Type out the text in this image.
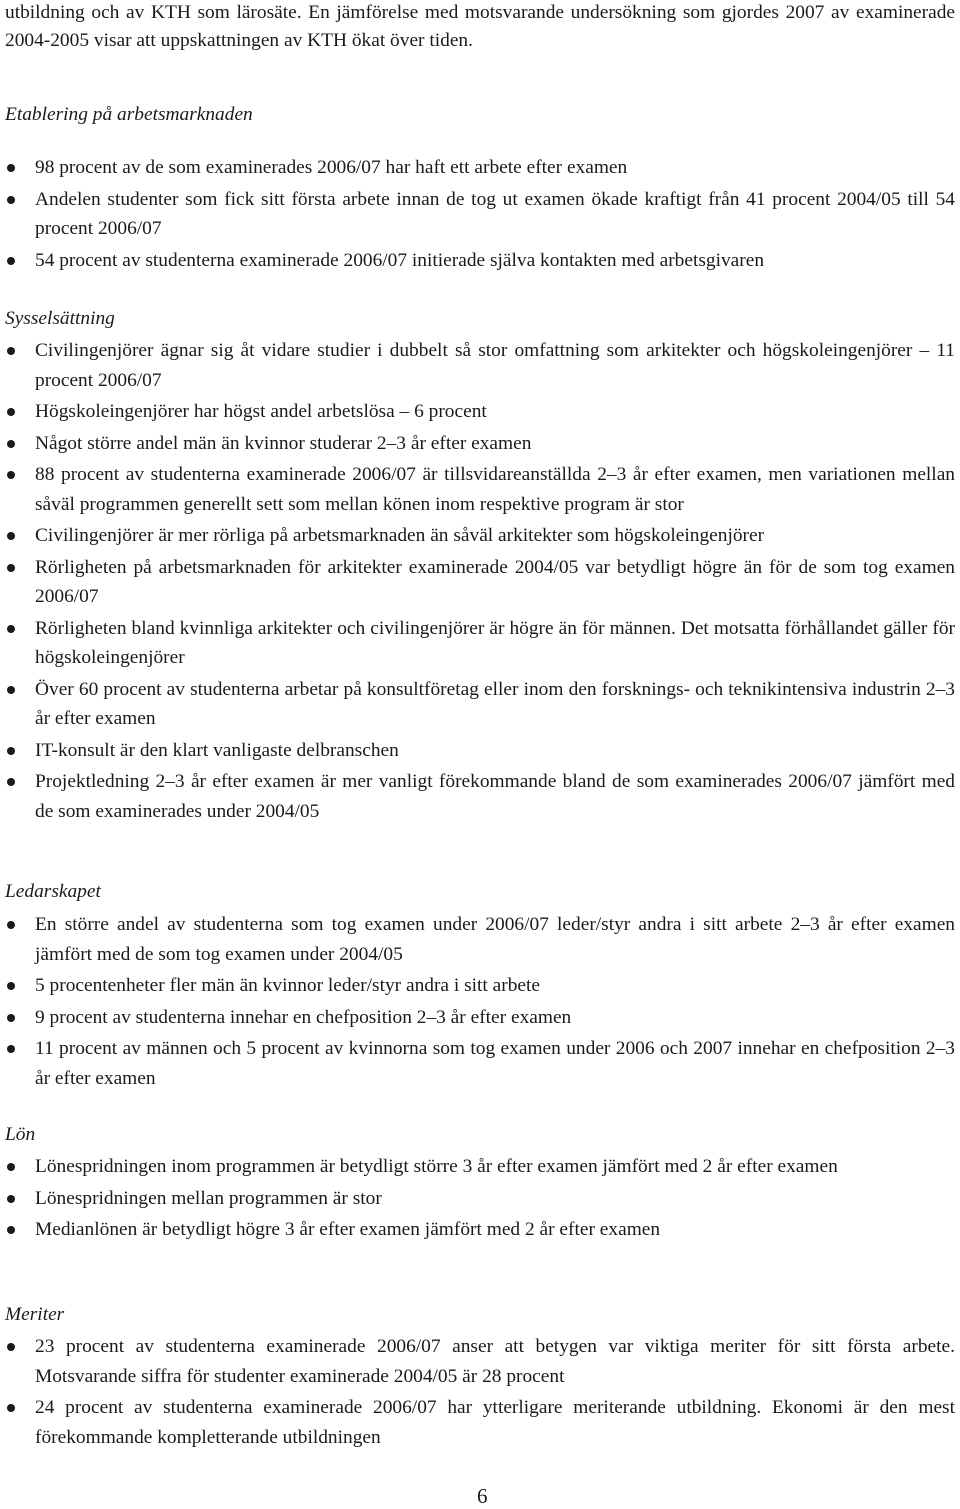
utbildning och av KTH som lärosäte. En jämförelse med motsvarande undersökning som gjordes 2007 av examinerade 2004-2005 visar att uppskattningen av KTH ökat över tiden.

Etablering på arbetsmarknaden

98 procent av de som examinerades 2006/07 har haft ett arbete efter examen
Andelen studenter som fick sitt första arbete innan de tog ut examen ökade kraftigt från 41 procent 2004/05 till 54 procent 2006/07
54 procent av studenterna examinerade 2006/07 initierade själva kontakten med arbetsgivaren

Sysselsättning

Civilingenjörer ägnar sig åt vidare studier i dubbelt så stor omfattning som arkitekter och högskoleingenjörer – 11 procent 2006/07
Högskoleingenjörer har högst andel arbetslösa – 6 procent
Något större andel män än kvinnor studerar 2–3 år efter examen
88 procent av studenterna examinerade 2006/07 är tillsvidareanställda 2–3 år efter examen, men variationen mellan såväl programmen generellt sett som mellan könen inom respektive program är stor
Civilingenjörer är mer rörliga på arbetsmarknaden än såväl arkitekter som högskoleingenjörer
Rörligheten på arbetsmarknaden för arkitekter examinerade 2004/05 var betydligt högre än för de som tog examen 2006/07
Rörligheten bland kvinnliga arkitekter och civilingenjörer är högre än för männen. Det motsatta förhållandet gäller för högskoleingenjörer
Över 60 procent av studenterna arbetar på konsultföretag eller inom den forsknings- och teknikintensiva industrin 2–3 år efter examen
IT-konsult är den klart vanligaste delbranschen
Projektledning 2–3 år efter examen är mer vanligt förekommande bland de som examinerades 2006/07 jämfört med de som examinerades under 2004/05

Ledarskapet

En större andel av studenterna som tog examen under 2006/07 leder/styr andra i sitt arbete 2–3 år efter examen jämfört med de som tog examen under 2004/05
5 procentenheter fler män än kvinnor leder/styr andra i sitt arbete
9 procent av studenterna innehar en chefposition 2–3 år efter examen
11 procent av männen och 5 procent av kvinnorna som tog examen under 2006 och 2007 innehar en chefposition 2–3 år efter examen

Lön

Lönespridningen inom programmen är betydligt större 3 år efter examen jämfört med 2 år efter examen
Lönespridningen mellan programmen är stor
Medianlönen är betydligt högre 3 år efter examen jämfört med 2 år efter examen

Meriter

23 procent av studenterna examinerade 2006/07 anser att betygen var viktiga meriter för sitt första arbete. Motsvarande siffra för studenter examinerade 2004/05 är 28 procent
24 procent av studenterna examinerade 2006/07 har ytterligare meriterande utbildning. Ekonomi är den mest förekommande kompletterande utbildningen

6
